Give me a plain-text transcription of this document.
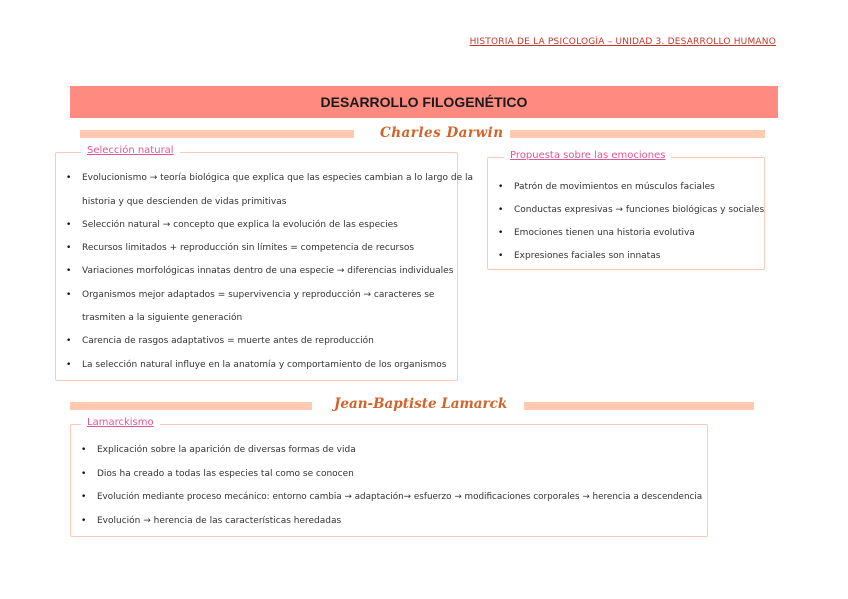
HISTORIA DE LA PSICOLOGÍA – UNIDAD 3. DESARROLLO HUMANO
DESARROLLO FILOGENÉTICO
Charles Darwin
Selección natural
• Evolucionismo → teoría biológica que explica que las especies cambian a lo largo de la
historia y que descienden de vidas primitivas
• Selección natural → concepto que explica la evolución de las especies
• Recursos limitados + reproducción sin límites = competencia de recursos
• Variaciones morfológicas innatas dentro de una especie → diferencias individuales
• Organismos mejor adaptados = supervivencia y reproducción → caracteres se
trasmiten a la siguiente generación
• Carencia de rasgos adaptativos = muerte antes de reproducción
• La selección natural influye en la anatomía y comportamiento de los organismos
Propuesta sobre las emociones
• Patrón de movimientos en músculos faciales
• Conductas expresivas → funciones biológicas y sociales
• Emociones tienen una historia evolutiva
• Expresiones faciales son innatas
Jean-Baptiste Lamarck
Lamarckismo
• Explicación sobre la aparición de diversas formas de vida
• Dios ha creado a todas las especies tal como se conocen
• Evolución mediante proceso mecánico: entorno cambia → adaptación→ esfuerzo → modificaciones corporales → herencia a descendencia
• Evolución → herencia de las características heredadas
